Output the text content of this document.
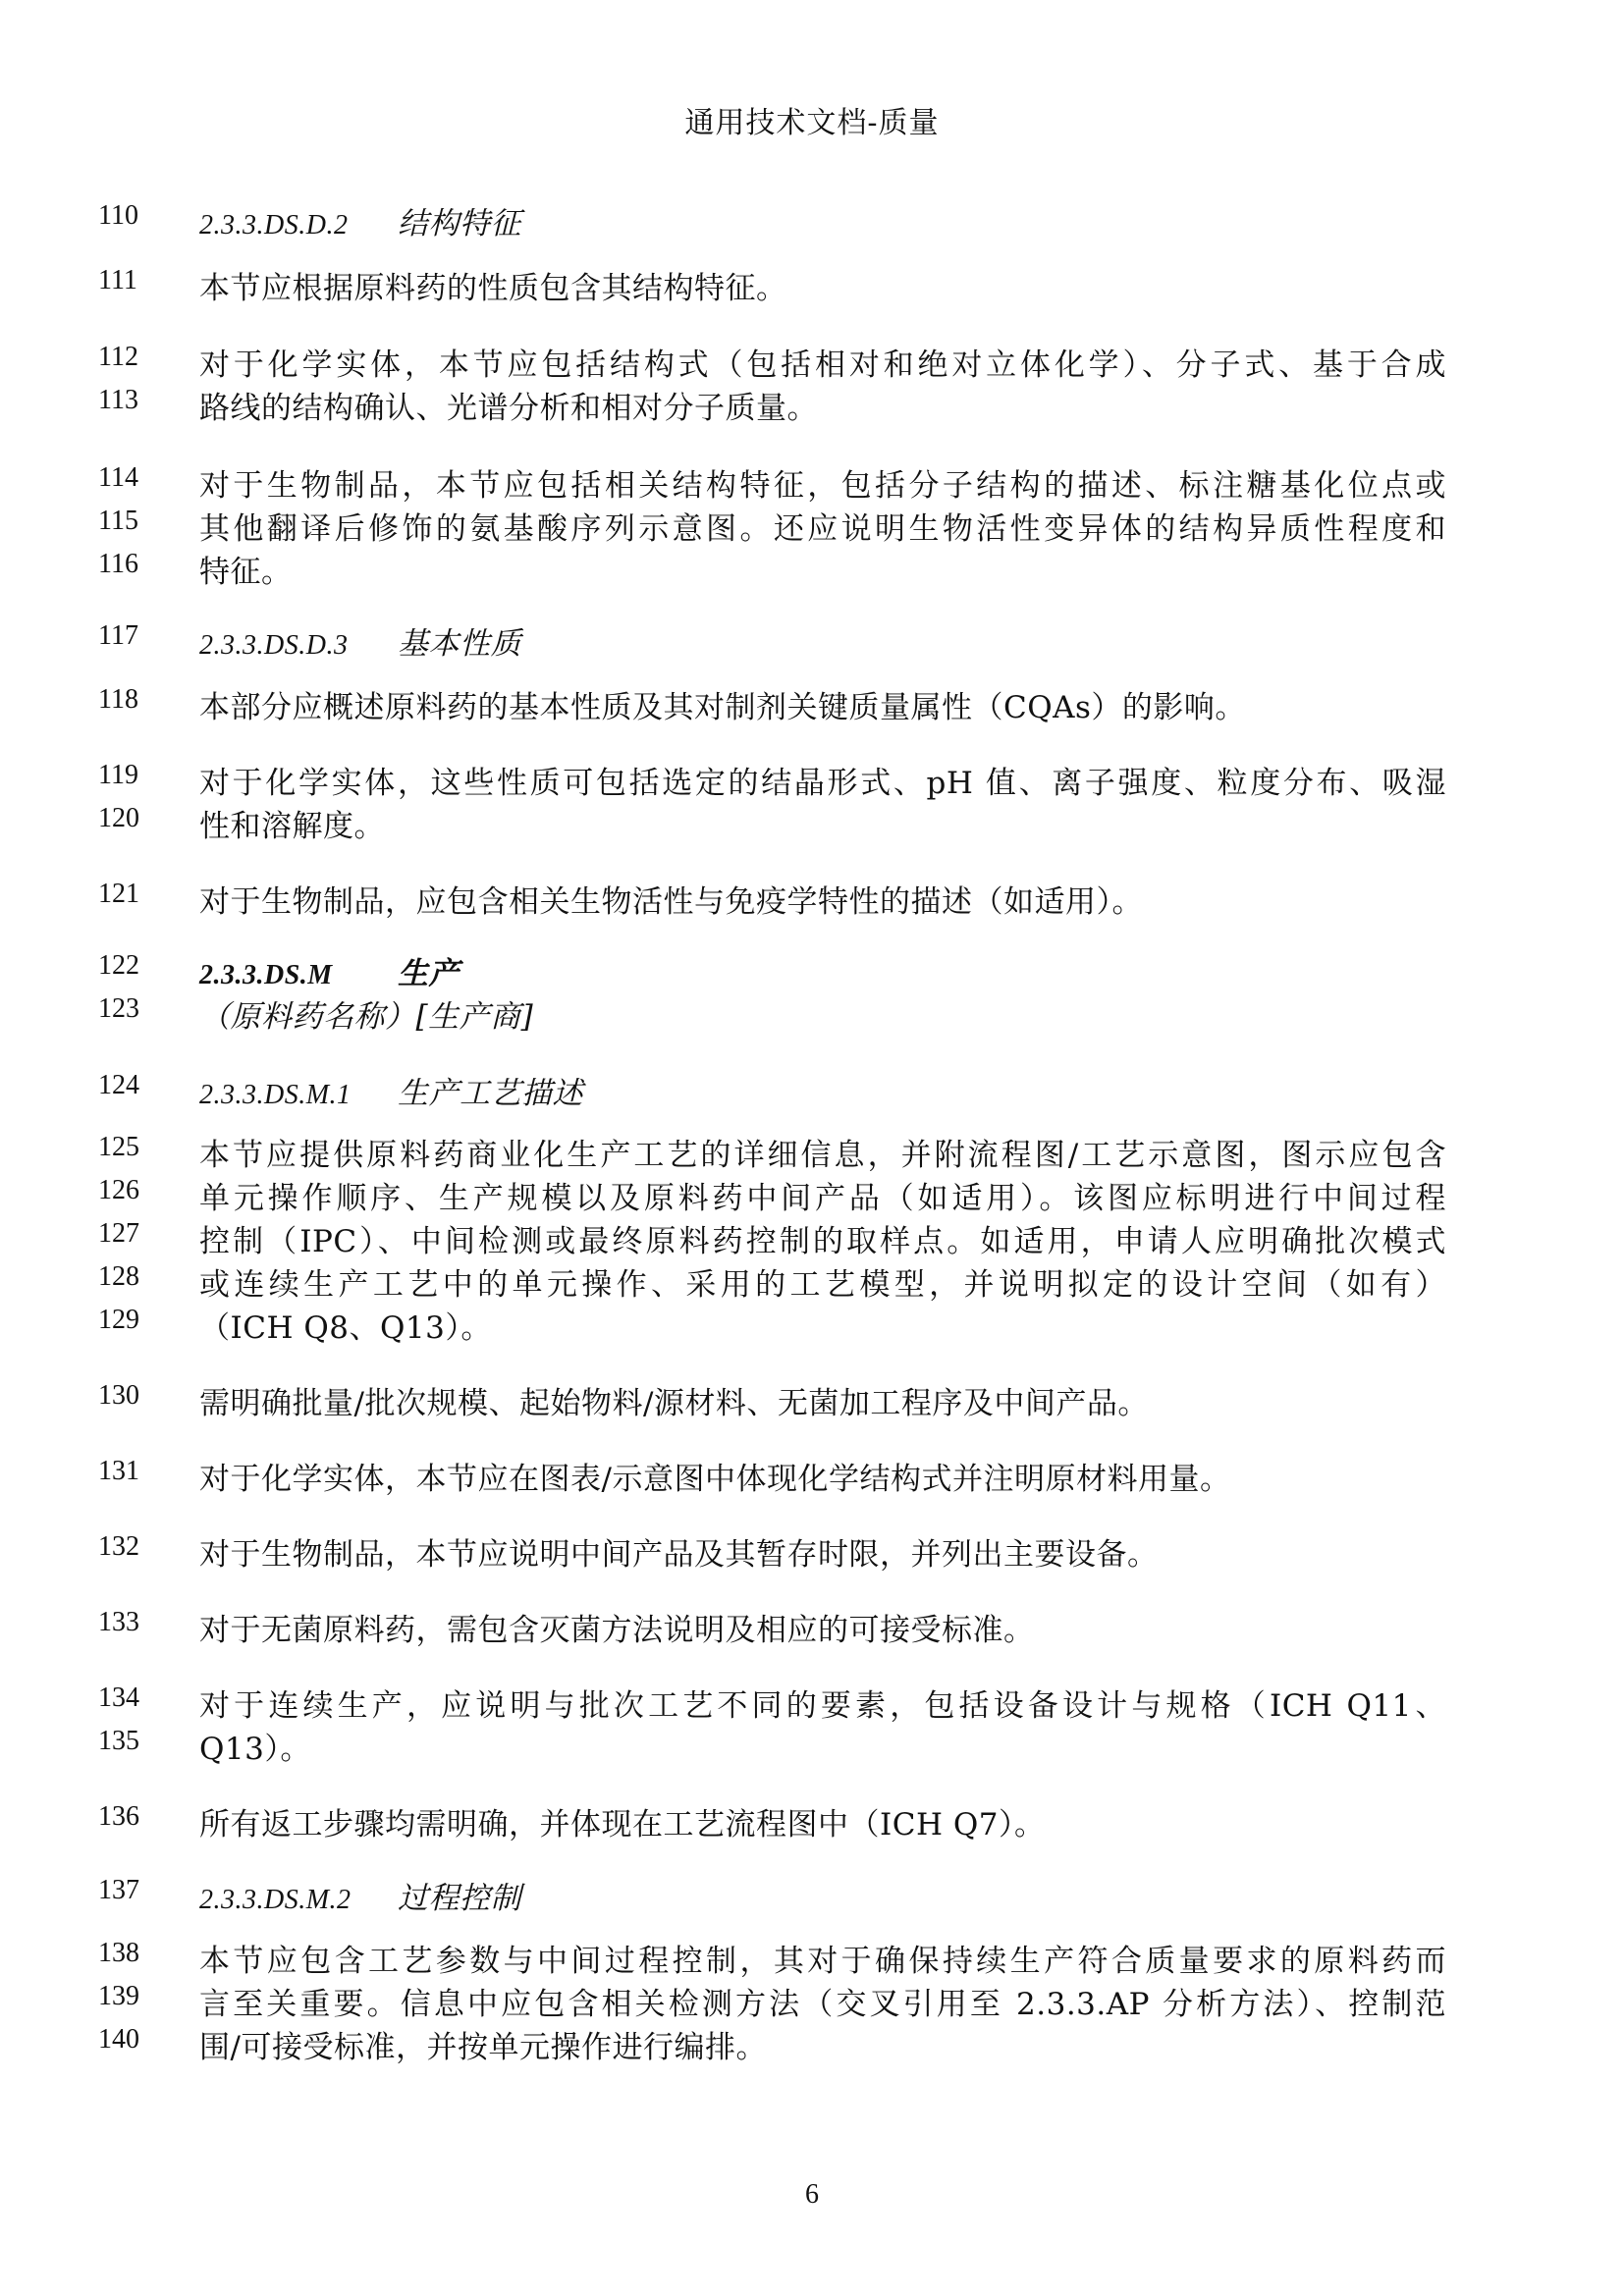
通用技术文档-质量
110	2.3.3.DS.D.2 结构特征
111	本节应根据原料药的性质包含其结构特征。
112	对于化学实体，本节应包括结构式（包括相对和绝对立体化学）、分子式、基于合成
113	路线的结构确认、光谱分析和相对分子质量。
114	对于生物制品，本节应包括相关结构特征，包括分子结构的描述、标注糖基化位点或
115	其他翻译后修饰的氨基酸序列示意图。还应说明生物活性变异体的结构异质性程度和
116	特征。
117	2.3.3.DS.D.3 基本性质
118	本部分应概述原料药的基本性质及其对制剂关键质量属性（CQAs）的影响。
119	对于化学实体，这些性质可包括选定的结晶形式、pH 值、离子强度、粒度分布、吸湿
120	性和溶解度。
121	对于生物制品，应包含相关生物活性与免疫学特性的描述（如适用）。
122	2.3.3.DS.M 生产
123	（原料药名称）[生产商]
124	2.3.3.DS.M.1 生产工艺描述
125	本节应提供原料药商业化生产工艺的详细信息，并附流程图/工艺示意图，图示应包含
126	单元操作顺序、生产规模以及原料药中间产品（如适用）。该图应标明进行中间过程
127	控制（IPC）、中间检测或最终原料药控制的取样点。如适用，申请人应明确批次模式
128	或连续生产工艺中的单元操作、采用的工艺模型，并说明拟定的设计空间（如有）
129	（ICH Q8、Q13）。
130	需明确批量/批次规模、起始物料/源材料、无菌加工程序及中间产品。
131	对于化学实体，本节应在图表/示意图中体现化学结构式并注明原材料用量。
132	对于生物制品，本节应说明中间产品及其暂存时限，并列出主要设备。
133	对于无菌原料药，需包含灭菌方法说明及相应的可接受标准。
134	对于连续生产，应说明与批次工艺不同的要素，包括设备设计与规格（ICH Q11、
135	Q13）。
136	所有返工步骤均需明确，并体现在工艺流程图中（ICH Q7）。
137	2.3.3.DS.M.2 过程控制
138	本节应包含工艺参数与中间过程控制，其对于确保持续生产符合质量要求的原料药而
139	言至关重要。信息中应包含相关检测方法（交叉引用至 2.3.3.AP 分析方法）、控制范
140	围/可接受标准，并按单元操作进行编排。
6
